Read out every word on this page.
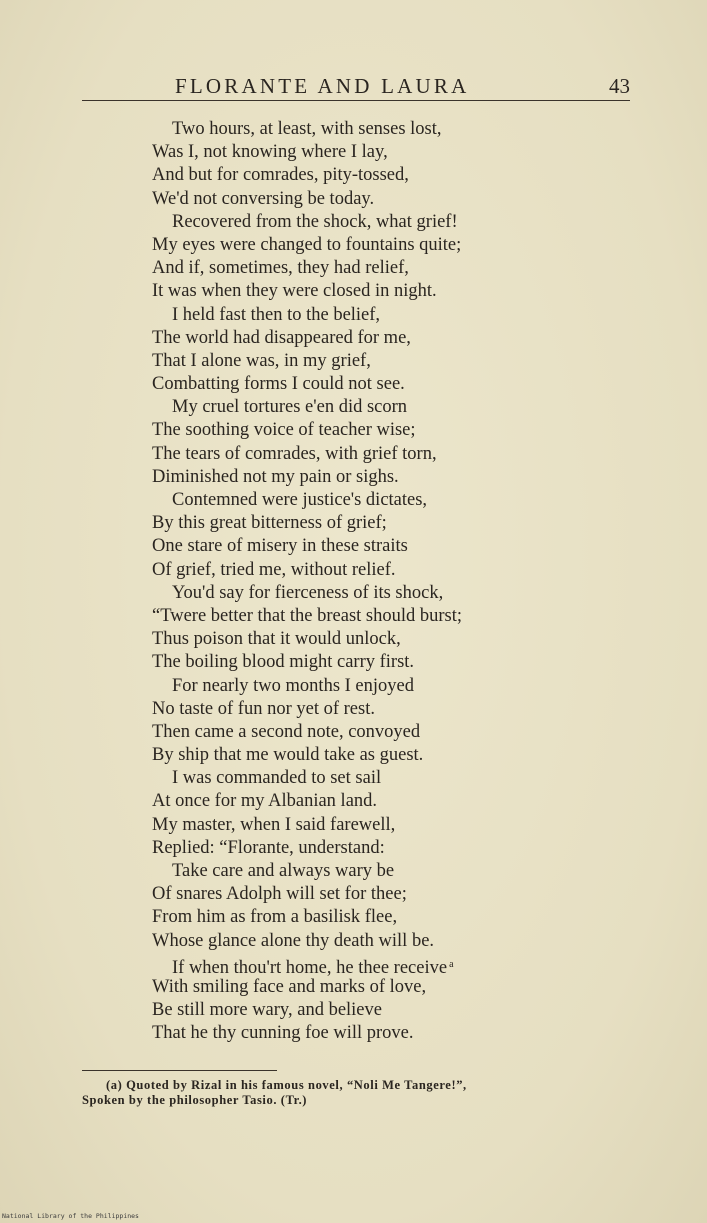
FLORANTE AND LAURA	43
Two hours, at least, with senses lost,
Was I, not knowing where I lay,
And but for comrades, pity-tossed,
We'd not conversing be today.
Recovered from the shock, what grief!
My eyes were changed to fountains quite;
And if, sometimes, they had relief,
It was when they were closed in night.
I held fast then to the belief,
The world had disappeared for me,
That I alone was, in my grief,
Combatting forms I could not see.
My cruel tortures e'en did scorn
The soothing voice of teacher wise;
The tears of comrades, with grief torn,
Diminished not my pain or sighs.
Contemned were justice's dictates,
By this great bitterness of grief;
One stare of misery in these straits
Of grief, tried me, without relief.
You'd say for fierceness of its shock,
“Twere better that the breast should burst;
Thus poison that it would unlock,
The boiling blood might carry first.
For nearly two months I enjoyed
No taste of fun nor yet of rest.
Then came a second note, convoyed
By ship that me would take as guest.
I was commanded to set sail
At once for my Albanian land.
My master, when I said farewell,
Replied: “Florante, understand:
Take care and always wary be
Of snares Adolph will set for thee;
From him as from a basilisk flee,
Whose glance alone thy death will be.
If when thou'rt home, he thee receive $^a$
With smiling face and marks of love,
Be still more wary, and believe
That he thy cunning foe will prove.
(a) Quoted by Rizal in his famous novel, “Noli Me Tangere!”,
Spoken by the philosopher Tasio. (Tr.)
National Library of the Philippines
